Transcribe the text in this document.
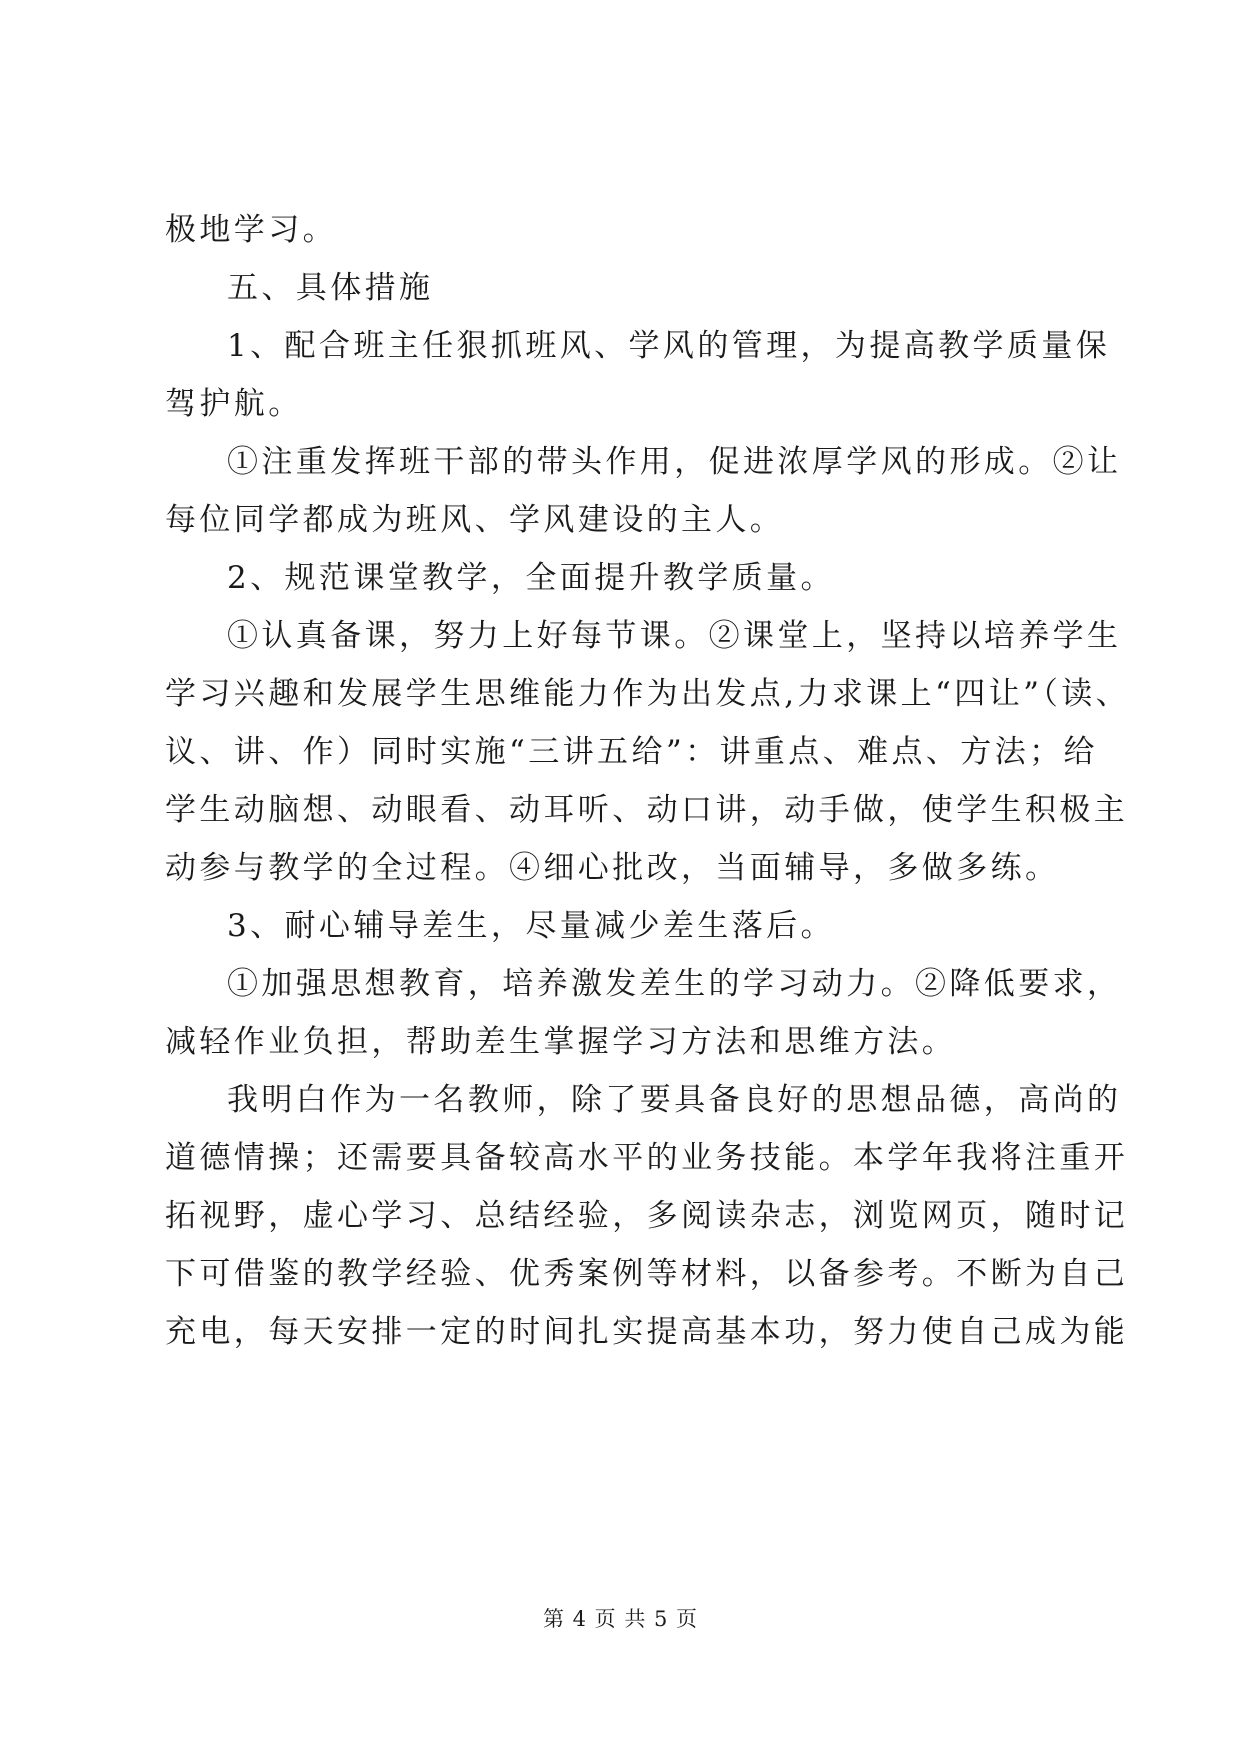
极地学习。
五、具体措施
1、配合班主任狠抓班风、学风的管理，为提高教学质量保
驾护航。
①注重发挥班干部的带头作用，促进浓厚学风的形成。②让
每位同学都成为班风、学风建设的主人。
2、规范课堂教学，全面提升教学质量。
①认真备课，努力上好每节课。②课堂上，坚持以培养学生
学习兴趣和发展学生思维能力作为出发点,力求课上“四让”（读、
议、讲、作）同时实施“三讲五给”：讲重点、难点、方法；给
学生动脑想、动眼看、动耳听、动口讲，动手做，使学生积极主
动参与教学的全过程。④细心批改，当面辅导，多做多练。
3、耐心辅导差生，尽量减少差生落后。
①加强思想教育，培养激发差生的学习动力。②降低要求，
减轻作业负担，帮助差生掌握学习方法和思维方法。
我明白作为一名教师，除了要具备良好的思想品德，高尚的
道德情操；还需要具备较高水平的业务技能。本学年我将注重开
拓视野，虚心学习、总结经验，多阅读杂志，浏览网页，随时记
下可借鉴的教学经验、优秀案例等材料，以备参考。不断为自己
充电，每天安排一定的时间扎实提高基本功，努力使自己成为能
第 4 页 共 5 页
